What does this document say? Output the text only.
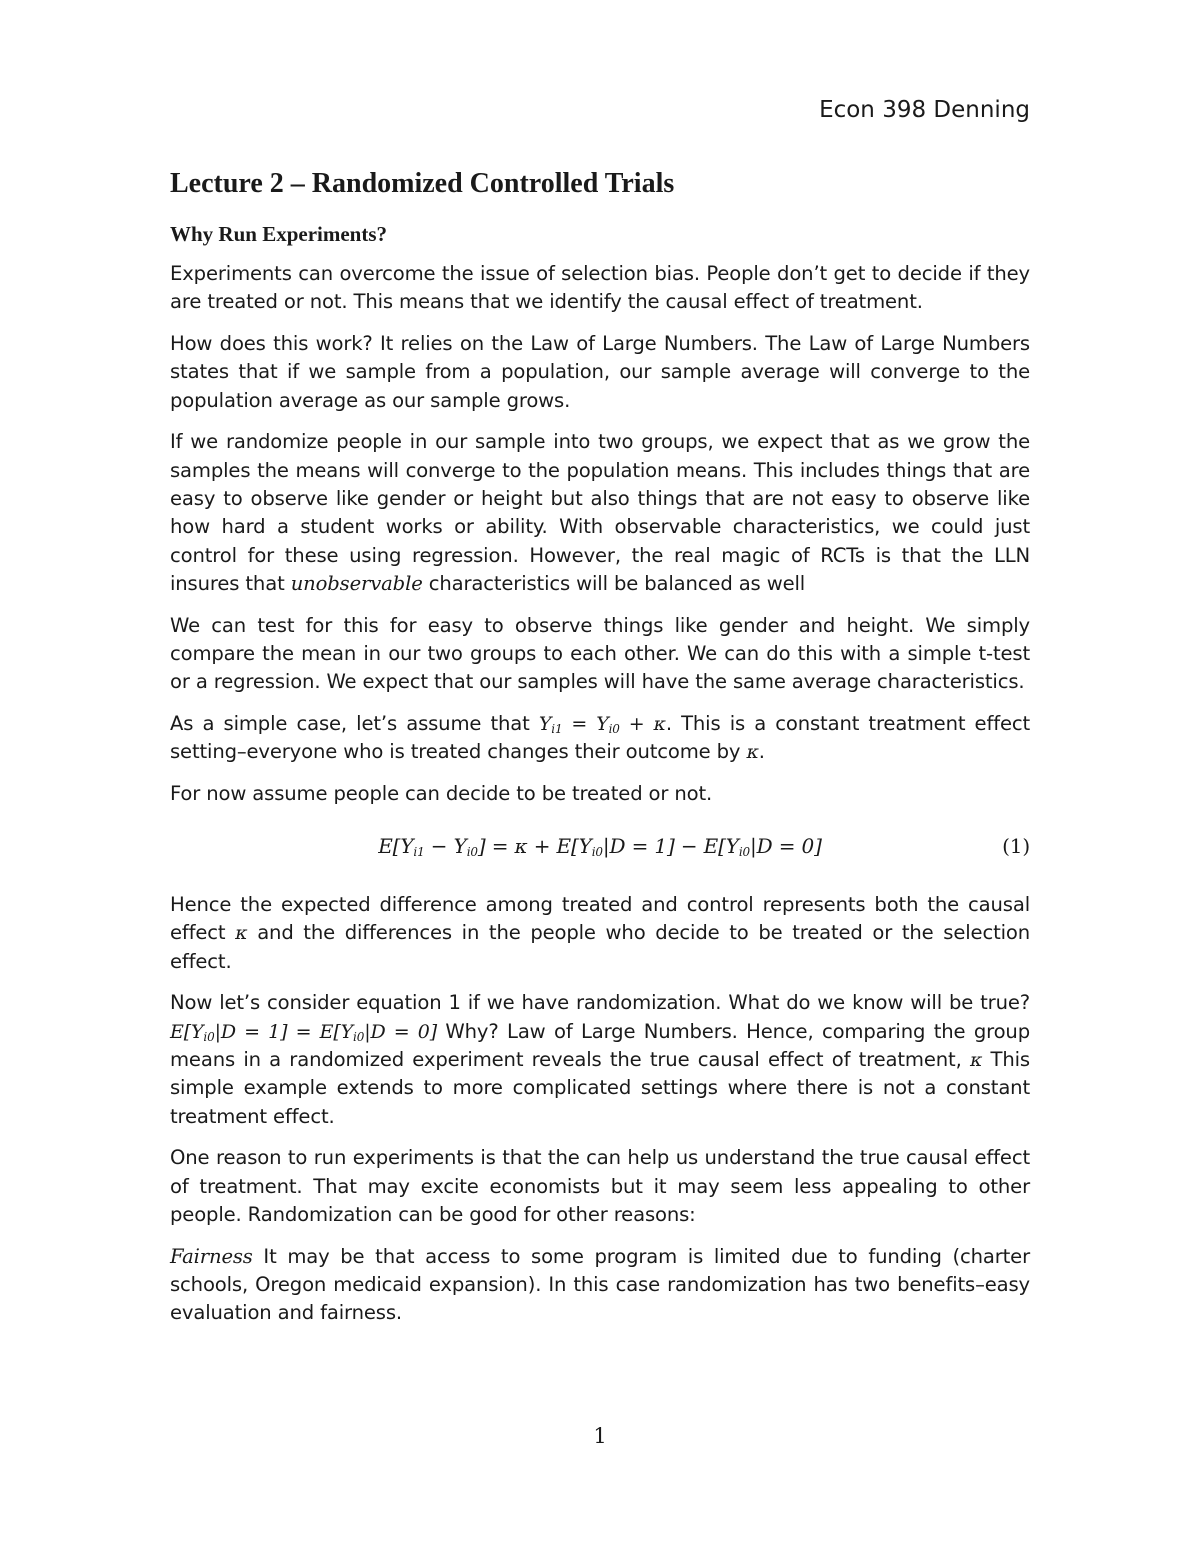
Econ 398 Denning
Lecture 2 – Randomized Controlled Trials
Why Run Experiments?

Experiments can overcome the issue of selection bias. People don’t get to decide if they are treated or not. This means that we identify the causal effect of treatment.

How does this work? It relies on the Law of Large Numbers. The Law of Large Numbers states that if we sample from a population, our sample average will converge to the population average as our sample grows.

If we randomize people in our sample into two groups, we expect that as we grow the samples the means will converge to the population means. This includes things that are easy to observe like gender or height but also things that are not easy to observe like how hard a student works or ability. With observable characteristics, we could just control for these using regression. However, the real magic of RCTs is that the LLN insures that unobservable characteristics will be balanced as well

We can test for this for easy to observe things like gender and height. We simply compare the mean in our two groups to each other. We can do this with a simple t-test or a regression. We expect that our samples will have the same average characteristics.

As a simple case, let’s assume that $Y_{i1} = Y_{i0} + \kappa$. This is a constant treatment effect setting–everyone who is treated changes their outcome by κ.

For now assume people can decide to be treated or not.

$E[Y_{i1} - Y_{i0}] = \kappa + E[Y_{i0}|D = 1] - E[Y_{i0}|D = 0]$	(1)

Hence the expected difference among treated and control represents both the causal effect κ and the differences in the people who decide to be treated or the selection effect.

Now let’s consider equation 1 if we have randomization. What do we know will be true? $E[Y_{i0}|D = 1] = E[Y_{i0}|D = 0]$ Why? Law of Large Numbers. Hence, comparing the group means in a randomized experiment reveals the true causal effect of treatment, κ This simple example extends to more complicated settings where there is not a constant treatment effect.

One reason to run experiments is that the can help us understand the true causal effect of treatment. That may excite economists but it may seem less appealing to other people. Randomization can be good for other reasons:

Fairness It may be that access to some program is limited due to funding (charter schools, Oregon medicaid expansion). In this case randomization has two benefits–easy evaluation and fairness.

1
